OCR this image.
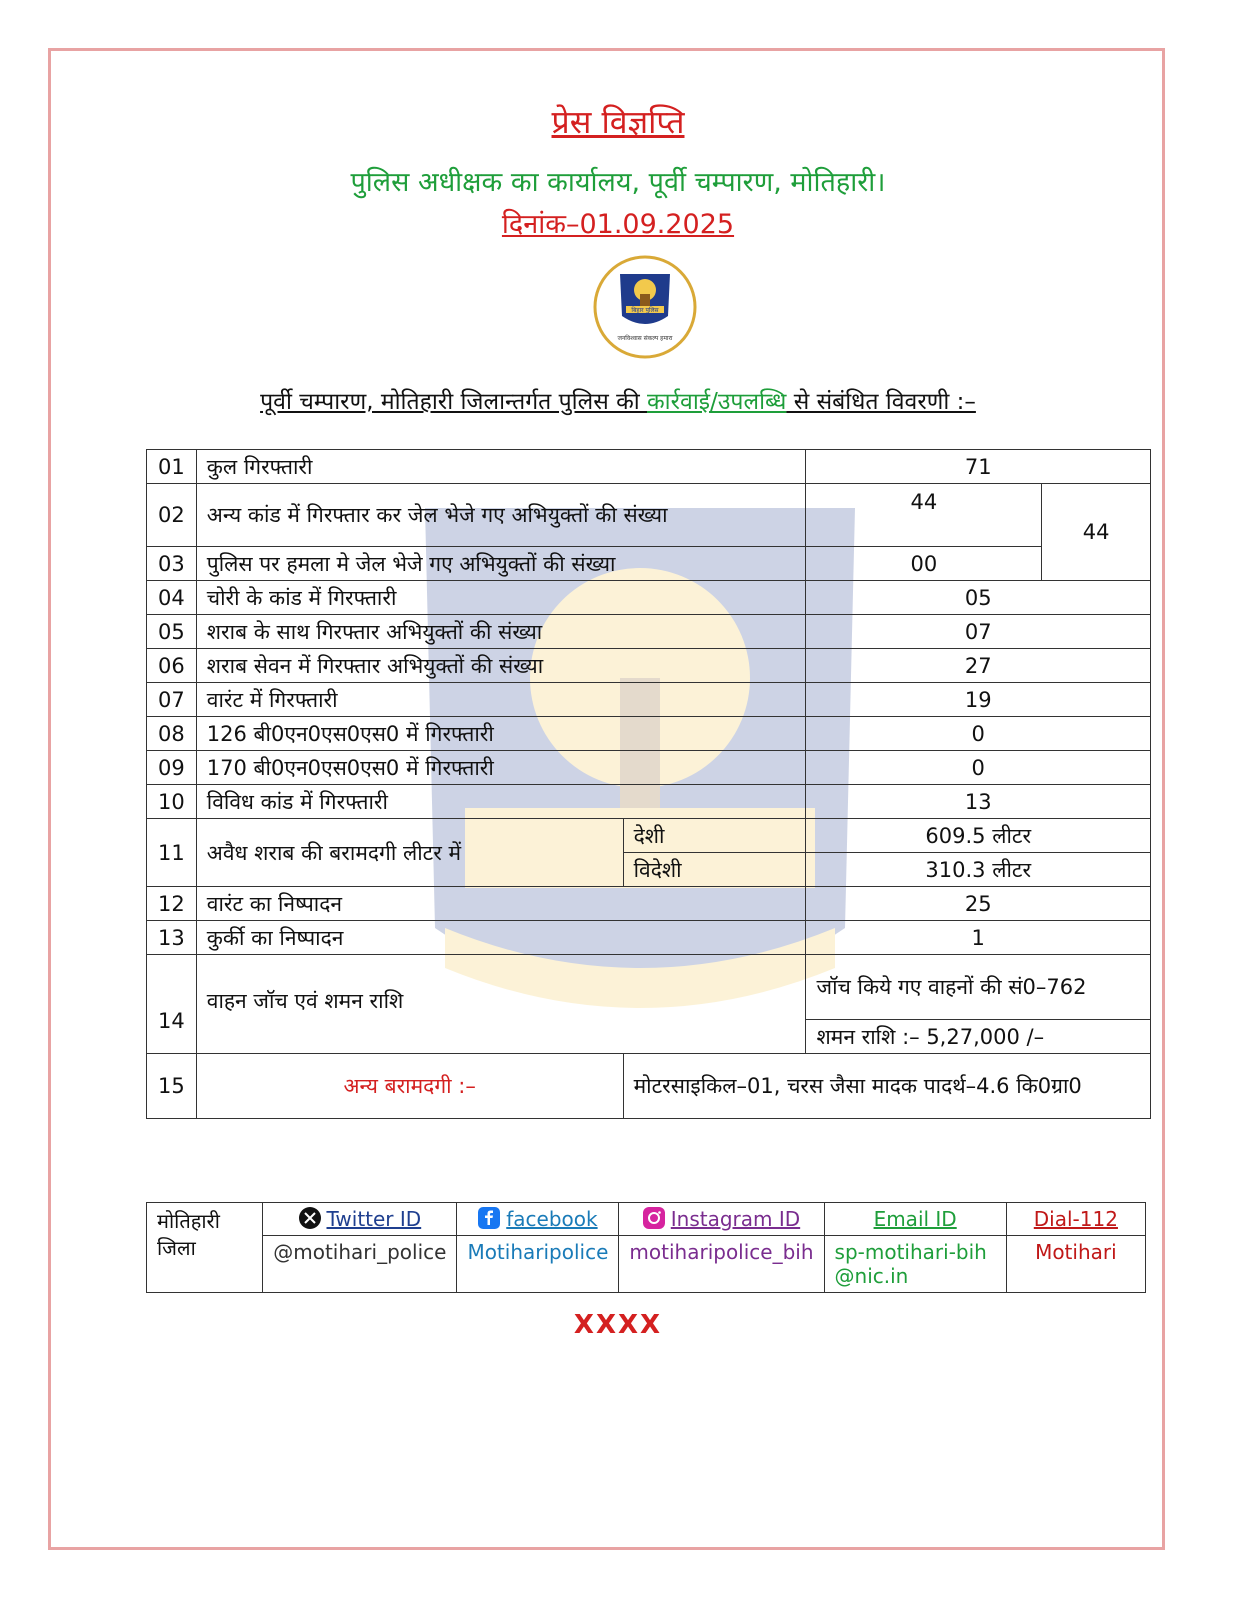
प्रेस विज्ञप्ति
पुलिस अधीक्षक का कार्यालय, पूर्वी चम्पारण, मोतिहारी।
दिनांक–01.09.2025
बिहार पुलिस
जनविश्वास संकल्प हमारा
पूर्वी चम्पारण, मोतिहारी जिलान्तर्गत पुलिस की कार्रवाई/उपलब्धि से संबंधित विवरणी :–
01	कुल गिरफ्तारी		71	
02	अन्य कांड में गिरफ्तार कर जेल भेजे गए अभियुक्तों की संख्या		44	44
03	पुलिस पर हमला मे जेल भेजे गए अभियुक्तों की संख्या		00	
04	चोरी के कांड में गिरफ्तारी		05	
05	शराब के साथ गिरफ्तार अभियुक्तों की संख्या		07	
06	शराब सेवन में गिरफ्तार अभियुक्तों की संख्या		27	
07	वारंट में गिरफ्तारी		19	
08	126 बी0एन0एस0एस0 में गिरफ्तारी		0	
09	170 बी0एन0एस0एस0 में गिरफ्तारी		0	
10	विविध कांड में गिरफ्तारी		13	
11	अवैध शराब की बरामदगी लीटर में	देशी	609.5 लीटर	
		विदेशी	310.3 लीटर	
12	वारंट का निष्पादन		25	
13	कुर्की का निष्पादन		1	
14	वाहन जॉच एवं शमन राशि		जॉच किये गए वाहनों की सं0–762	
			शमन राशि :– 5,27,000 /–	
15	अन्य बरामदगी :–	मोटरसाइकिल–01, चरस जैसा मादक पादर्थ–4.6 कि0ग्रा0		
मोतिहारी जिला	Twitter ID	facebook	Instagram ID	Email ID	Dial-112
	@motihari_police	Motiharipolice	motiharipolice_bih	sp-motihari-bih@nic.in	Motihari
XXXX
